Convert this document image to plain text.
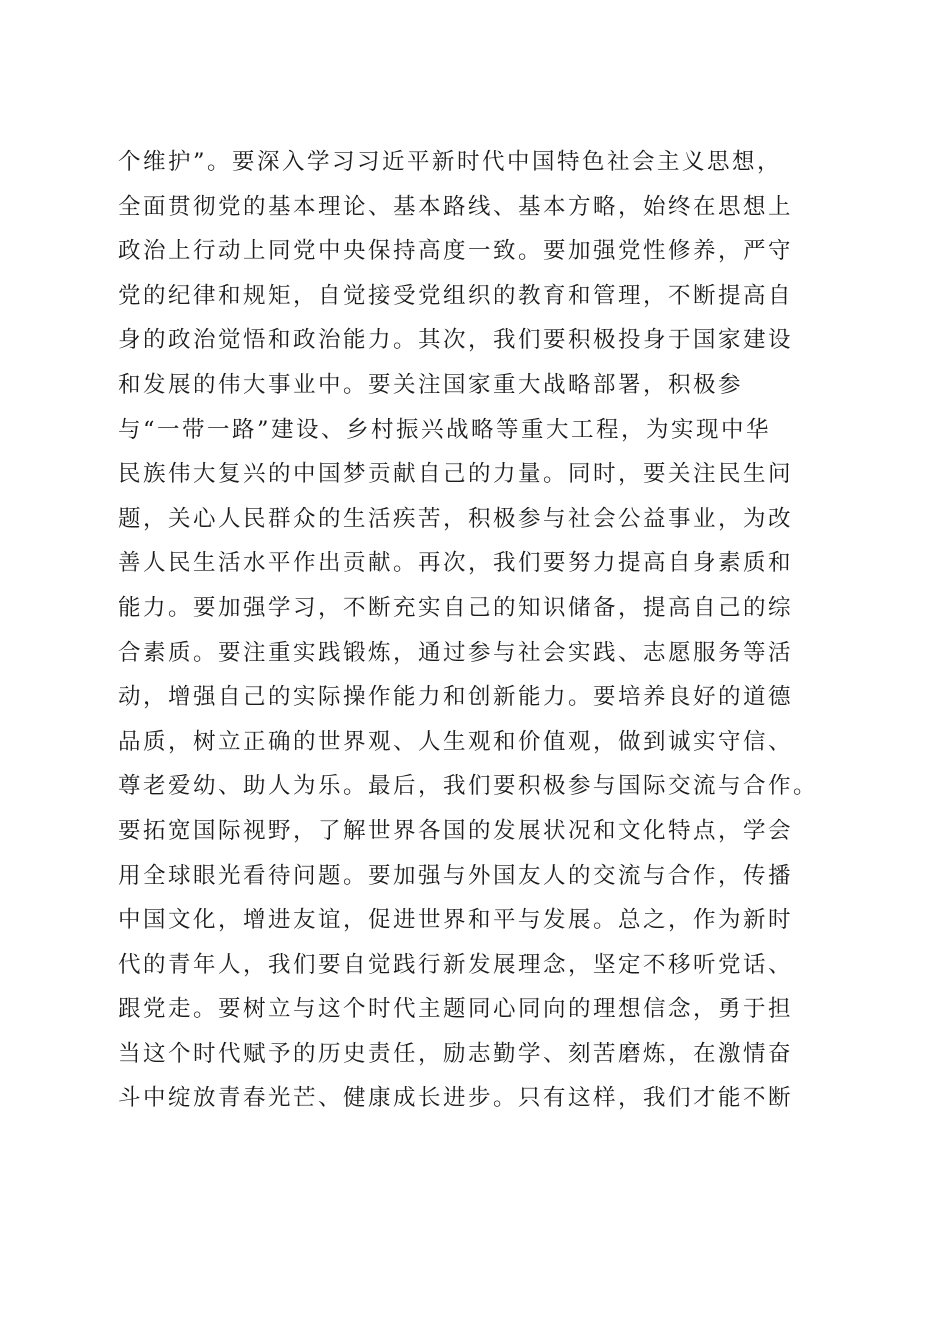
个维护”。要深入学习习近平新时代中国特色社会主义思想，
全面贯彻党的基本理论、基本路线、基本方略，始终在思想上
政治上行动上同党中央保持高度一致。要加强党性修养，严守
党的纪律和规矩，自觉接受党组织的教育和管理，不断提高自
身的政治觉悟和政治能力。其次，我们要积极投身于国家建设
和发展的伟大事业中。要关注国家重大战略部署，积极参
与“一带一路”建设、乡村振兴战略等重大工程，为实现中华
民族伟大复兴的中国梦贡献自己的力量。同时，要关注民生问
题，关心人民群众的生活疾苦，积极参与社会公益事业，为改
善人民生活水平作出贡献。再次，我们要努力提高自身素质和
能力。要加强学习，不断充实自己的知识储备，提高自己的综
合素质。要注重实践锻炼，通过参与社会实践、志愿服务等活
动，增强自己的实际操作能力和创新能力。要培养良好的道德
品质，树立正确的世界观、人生观和价值观，做到诚实守信、
尊老爱幼、助人为乐。最后，我们要积极参与国际交流与合作。
要拓宽国际视野，了解世界各国的发展状况和文化特点，学会
用全球眼光看待问题。要加强与外国友人的交流与合作，传播
中国文化，增进友谊，促进世界和平与发展。总之，作为新时
代的青年人，我们要自觉践行新发展理念，坚定不移听党话、
跟党走。要树立与这个时代主题同心同向的理想信念，勇于担
当这个时代赋予的历史责任，励志勤学、刻苦磨炼，在激情奋
斗中绽放青春光芒、健康成长进步。只有这样，我们才能不断
